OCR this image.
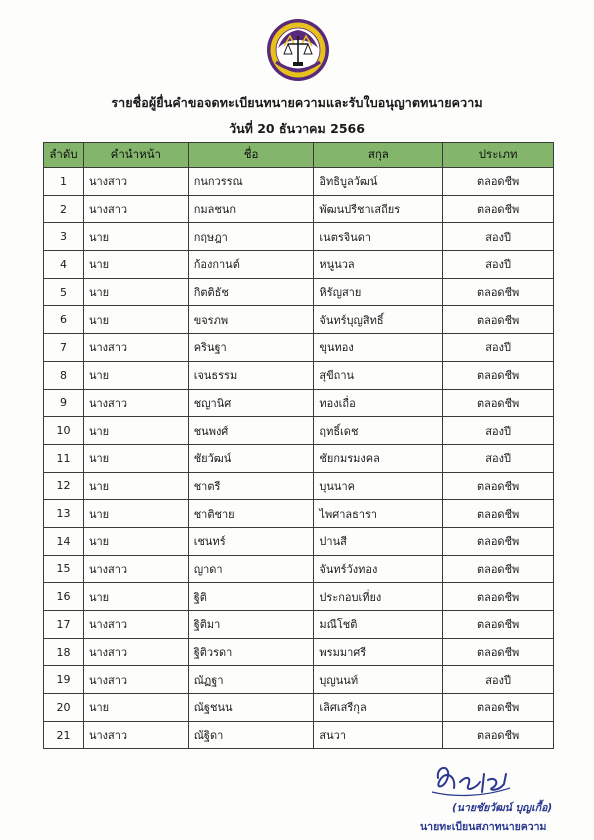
รายชื่อผู้ยื่นคำขอจดทะเบียนทนายความและรับใบอนุญาตทนายความ
วันที่ 20 ธันวาคม 2566
ลำดับ	คำนำหน้า	ชื่อ	สกุล	ประเภท
1	นางสาว	กนกวรรณ	อิทธิบูลวัฒน์	ตลอดชีพ
2	นางสาว	กมลชนก	พัฒนปรีชาเสถียร	ตลอดชีพ
3	นาย	กฤษฎา	เนตรจินดา	สองปี
4	นาย	ก้องกานต์	หนูนวล	สองปี
5	นาย	กิตติธัช	หิรัญสาย	ตลอดชีพ
6	นาย	ขจรภพ	จันทร์บุญสิทธิ์	ตลอดชีพ
7	นางสาว	ครินฐา	ขุนทอง	สองปี
8	นาย	เจนธรรม	สุขีถาน	ตลอดชีพ
9	นางสาว	ชญานิศ	ทองเถื่อ	ตลอดชีพ
10	นาย	ชนพงศ์	ฤทธิ์เดช	สองปี
11	นาย	ชัยวัฒน์	ชัยกมรมงคล	สองปี
12	นาย	ชาตรี	บุนนาค	ตลอดชีพ
13	นาย	ชาติชาย	ไพศาลธารา	ตลอดชีพ
14	นาย	เชนทร์	ปานสี	ตลอดชีพ
15	นางสาว	ญาดา	จันทร์วังทอง	ตลอดชีพ
16	นาย	ฐิติ	ประกอบเที่ยง	ตลอดชีพ
17	นางสาว	ฐิติมา	มณีโชติ	ตลอดชีพ
18	นางสาว	ฐิติวรดา	พรมมาศรี	ตลอดชีพ
19	นางสาว	ณัฏฐา	บุญนนท์	สองปี
20	นาย	ณัฐชนน	เลิศเสรีกุล	ตลอดชีพ
21	นางสาว	ณัฐิดา	สนวา	ตลอดชีพ
(นายชัยวัฒน์ บุญเกื้อ)
นายทะเบียนสภาทนายความ
